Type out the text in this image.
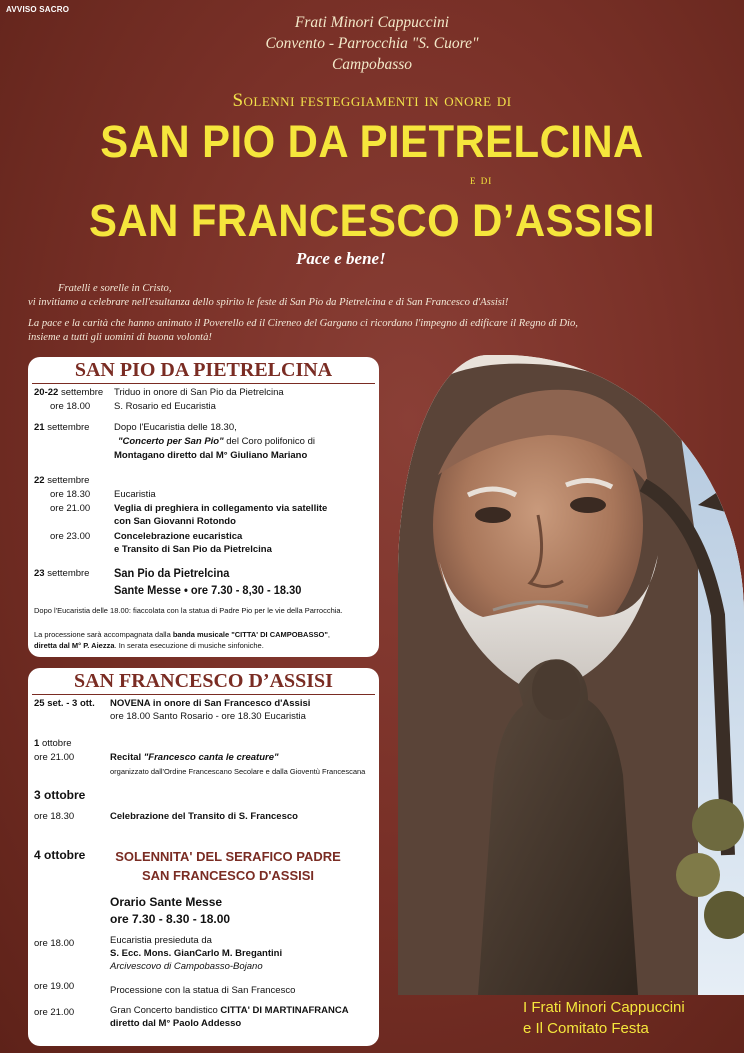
AVVISO SACRO
Frati Minori Cappuccini
Convento - Parrocchia "S. Cuore"
Campobasso
Solenni festeggiamenti in onore di
SAN PIO DA PIETRELCINA
e di
SAN FRANCESCO D’ASSISI
Pace e bene!

Fratelli e sorelle in Cristo,

vi invitiamo a celebrare nell'esultanza dello spirito le feste di San Pio da Pietrelcina e di San Francesco d'Assisi!

La pace e la carità che hanno animato il Poverello ed il Cireneo del Gargano ci ricordano l'impegno di edificare il Regno di Dio,

insieme a tutti gli uomini di buona volontà!

SAN PIO DA PIETRELCINA
20-22 settembre Triduo in onore di San Pio da Pietrelcina
ore 18.00	S. Rosario ed Eucaristia
21 settembre	Dopo l'Eucaristia delle 18.30,
"Concerto per San Pio" del Coro polifonico di
Montagano diretto dal M° Giuliano Mariano
22 settembre
ore 18.30	Eucaristia
ore 21.00	Veglia di preghiera in collegamento via satellite
con San Giovanni Rotondo
ore 23.00	Concelebrazione eucaristica
e Transito di San Pio da Pietrelcina
23 settembre San Pio da Pietrelcina
Sante Messe • ore 7.30 - 8,30 - 18.30
Dopo l'Eucaristia delle 18.00: fiaccolata con la statua di Padre Pio per le vie della Parrocchia.
La processione sarà accompagnata dalla banda musicale "CITTA' DI CAMPOBASSO",
diretta dal M° P. Aiezza. In serata esecuzione di musiche sinfoniche.
SAN FRANCESCO D’ASSISI
25 set. - 3 ott. NOVENA in onore di San Francesco d'Assisi
ore 18.00 Santo Rosario - ore 18.30 Eucaristia
1 ottobre
ore 21.00	Recital "Francesco canta le creature"
organizzato dall'Ordine Francescano Secolare e dalla Gioventù Francescana
3 ottobre
ore 18.30	Celebrazione del Transito di S. Francesco
4 ottobre	SOLENNITA' DEL SERAFICO PADRE
SAN FRANCESCO D'ASSISI
Orario Sante Messe
ore 7.30 - 8.30 - 18.00
ore 18.00	Eucaristia presieduta da
S. Ecc. Mons. GianCarlo M. Bregantini
Arcivescovo di Campobasso-Bojano
ore 19.00	Processione con la statua di San Francesco
ore 21.00	Gran Concerto bandistico CITTA' DI MARTINAFRANCA
diretto dal M° Paolo Addesso
I Frati Minori Cappuccini
e Il Comitato Festa
